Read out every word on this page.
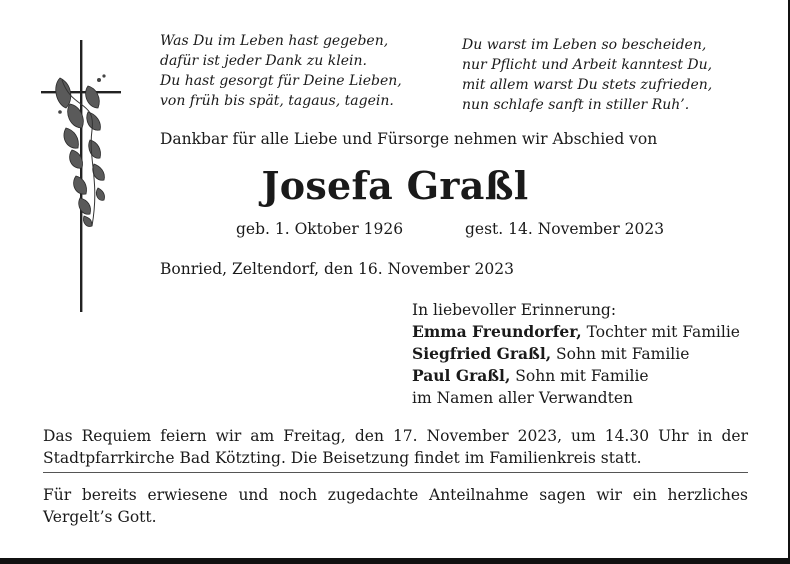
Was Du im Leben hast gegeben,
dafür ist jeder Dank zu klein.
Du hast gesorgt für Deine Lieben,
von früh bis spät, tagaus, tagein.
Du warst im Leben so bescheiden,
nur Pflicht und Arbeit kanntest Du,
mit allem warst Du stets zufrieden,
nun schlafe sanft in stiller Ruh’.
Dankbar für alle Liebe und Fürsorge nehmen wir Abschied von
Josefa Graßl
geb. 1. Oktober 1926	gest. 14. November 2023
Bonried, Zeltendorf, den 16. November 2023
In liebevoller Erinnerung:
Emma Freundorfer, Tochter mit Familie
Siegfried Graßl, Sohn mit Familie
Paul Graßl, Sohn mit Familie
im Namen aller Verwandten
Das Requiem feiern wir am Freitag, den 17. November 2023, um 14.30 Uhr in der Stadtpfarrkirche Bad Kötzting. Die Beisetzung findet im Familienkreis statt.
Für bereits erwiesene und noch zugedachte Anteilnahme sagen wir ein herzliches Vergelt’s Gott.
